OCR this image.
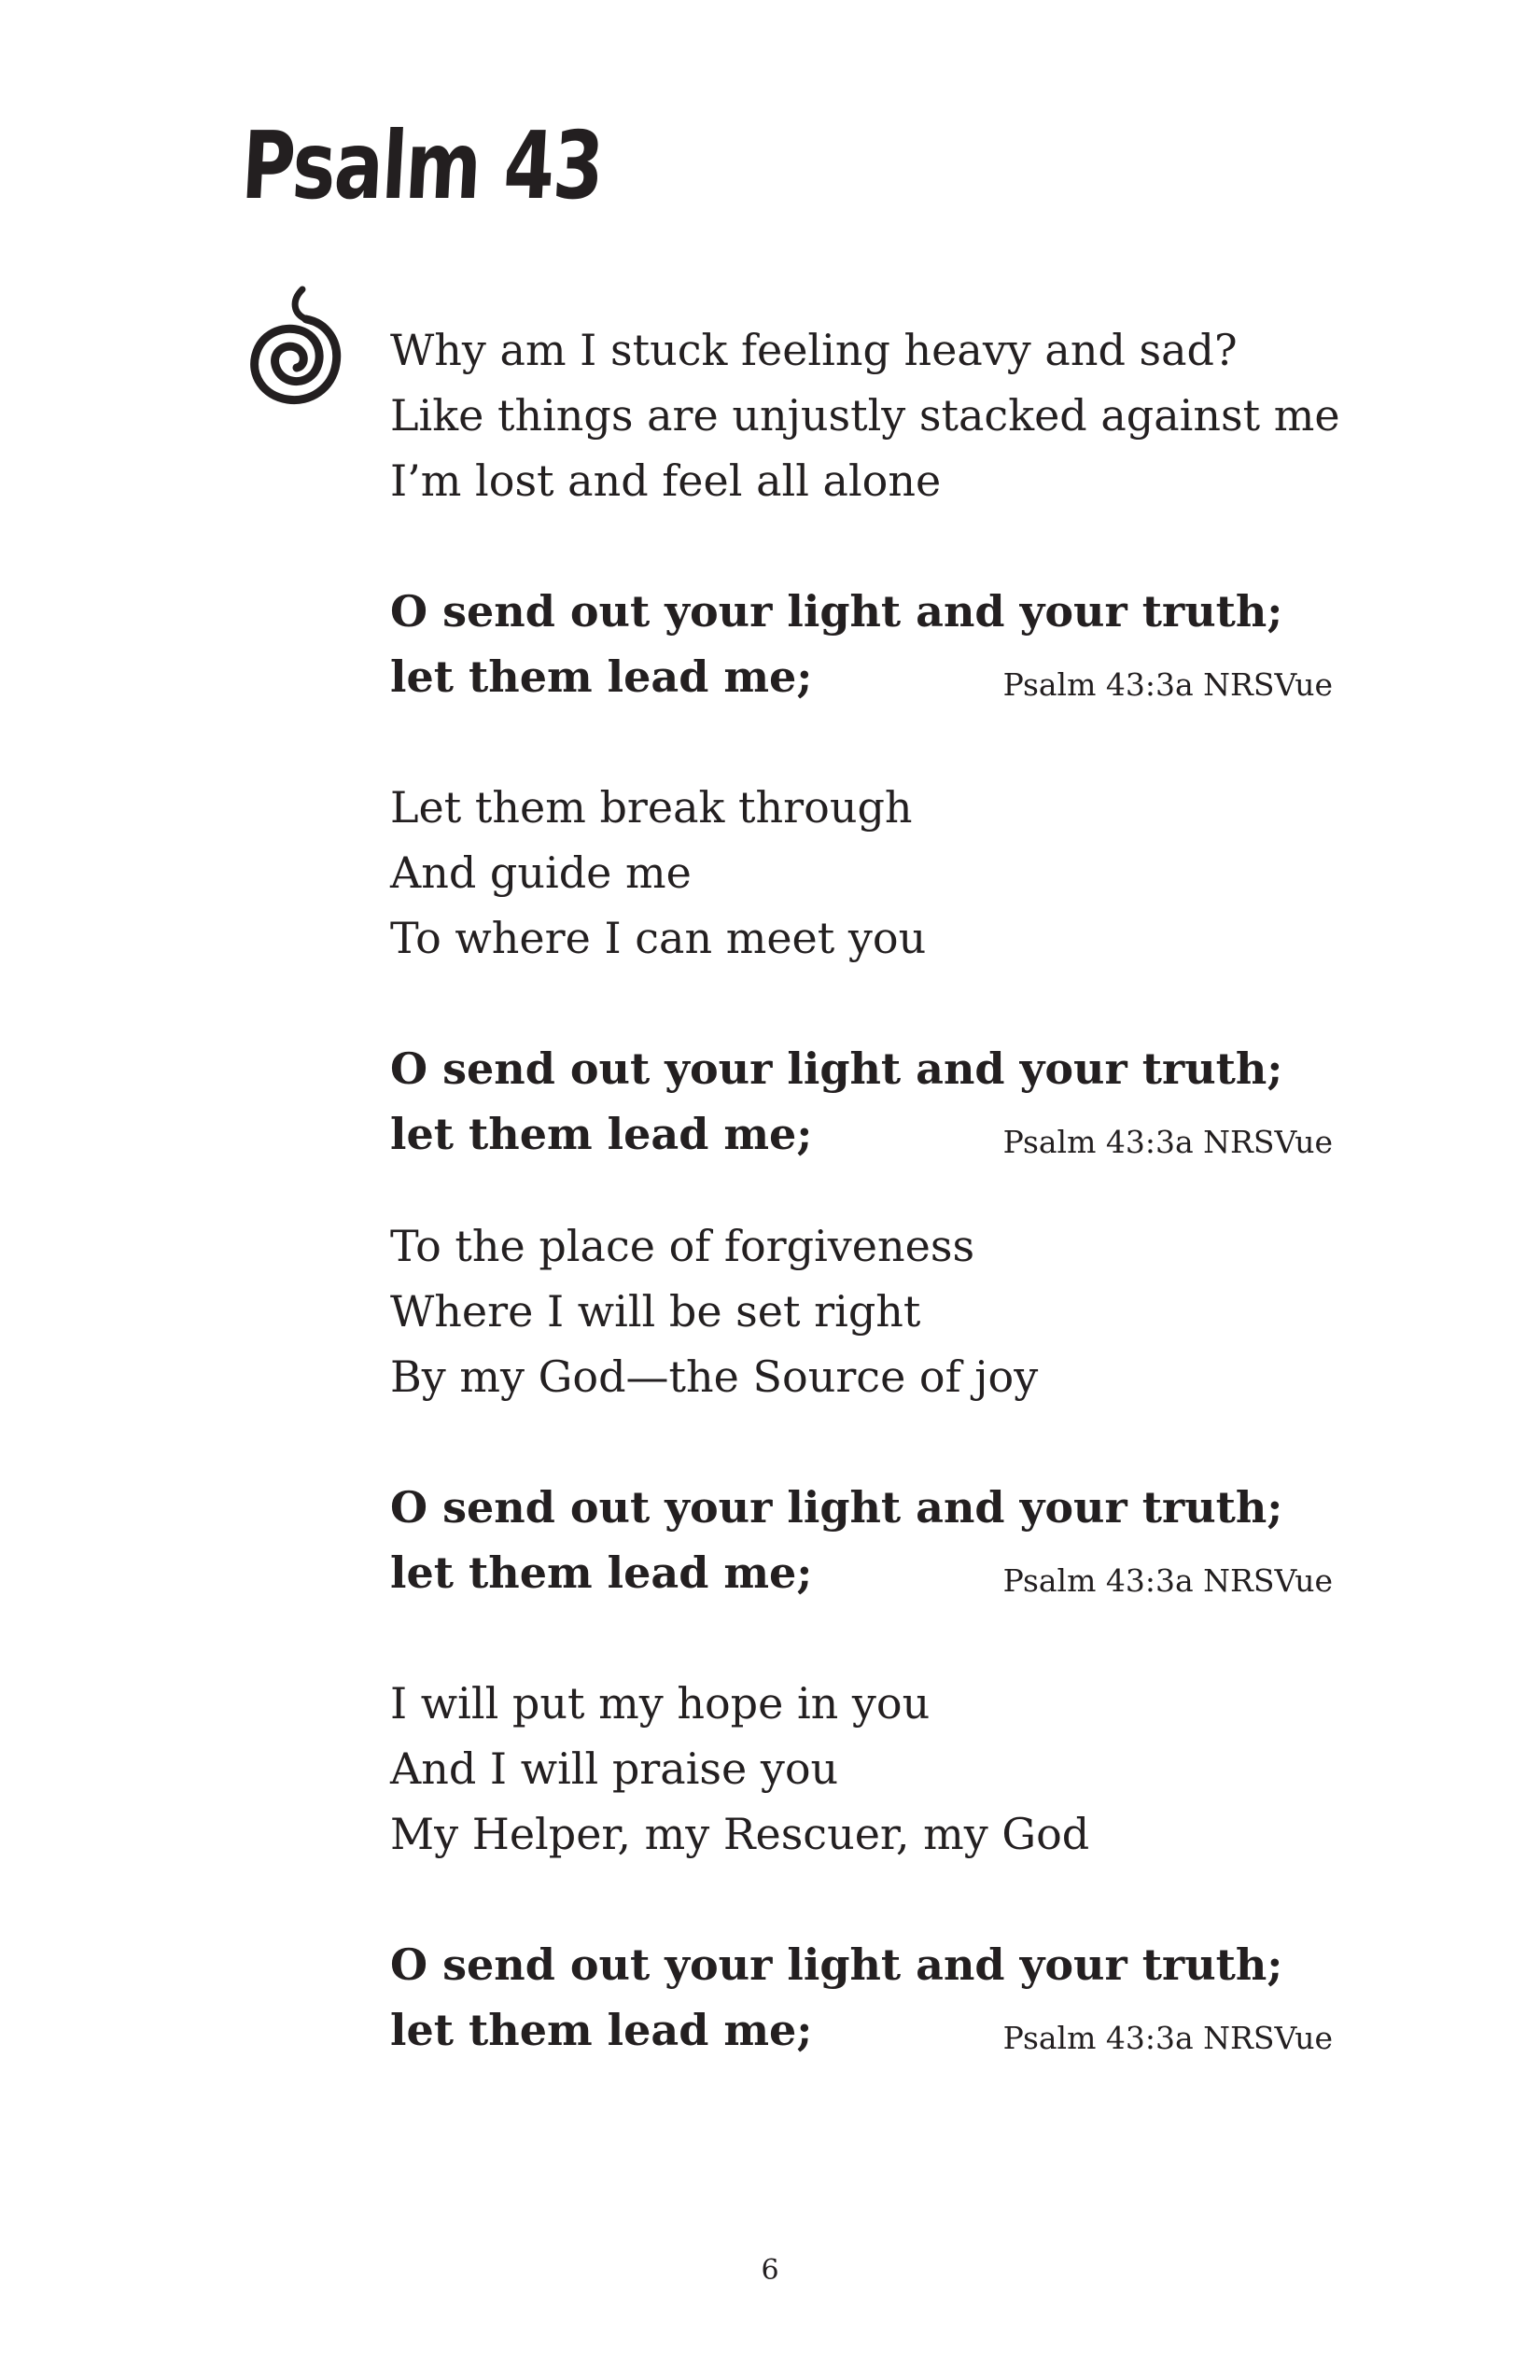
Psalm 43
Why am I stuck feeling heavy and sad?
Like things are unjustly stacked against me
I’m lost and feel all alone
O send out your light and your truth;
let them lead me;	Psalm 43:3a NRSVue
Let them break through
And guide me
To where I can meet you
O send out your light and your truth;
let them lead me;	Psalm 43:3a NRSVue
To the place of forgiveness
Where I will be set right
By my God—the Source of joy
O send out your light and your truth;
let them lead me;	Psalm 43:3a NRSVue
I will put my hope in you
And I will praise you
My Helper, my Rescuer, my God
O send out your light and your truth;
let them lead me;	Psalm 43:3a NRSVue
6
